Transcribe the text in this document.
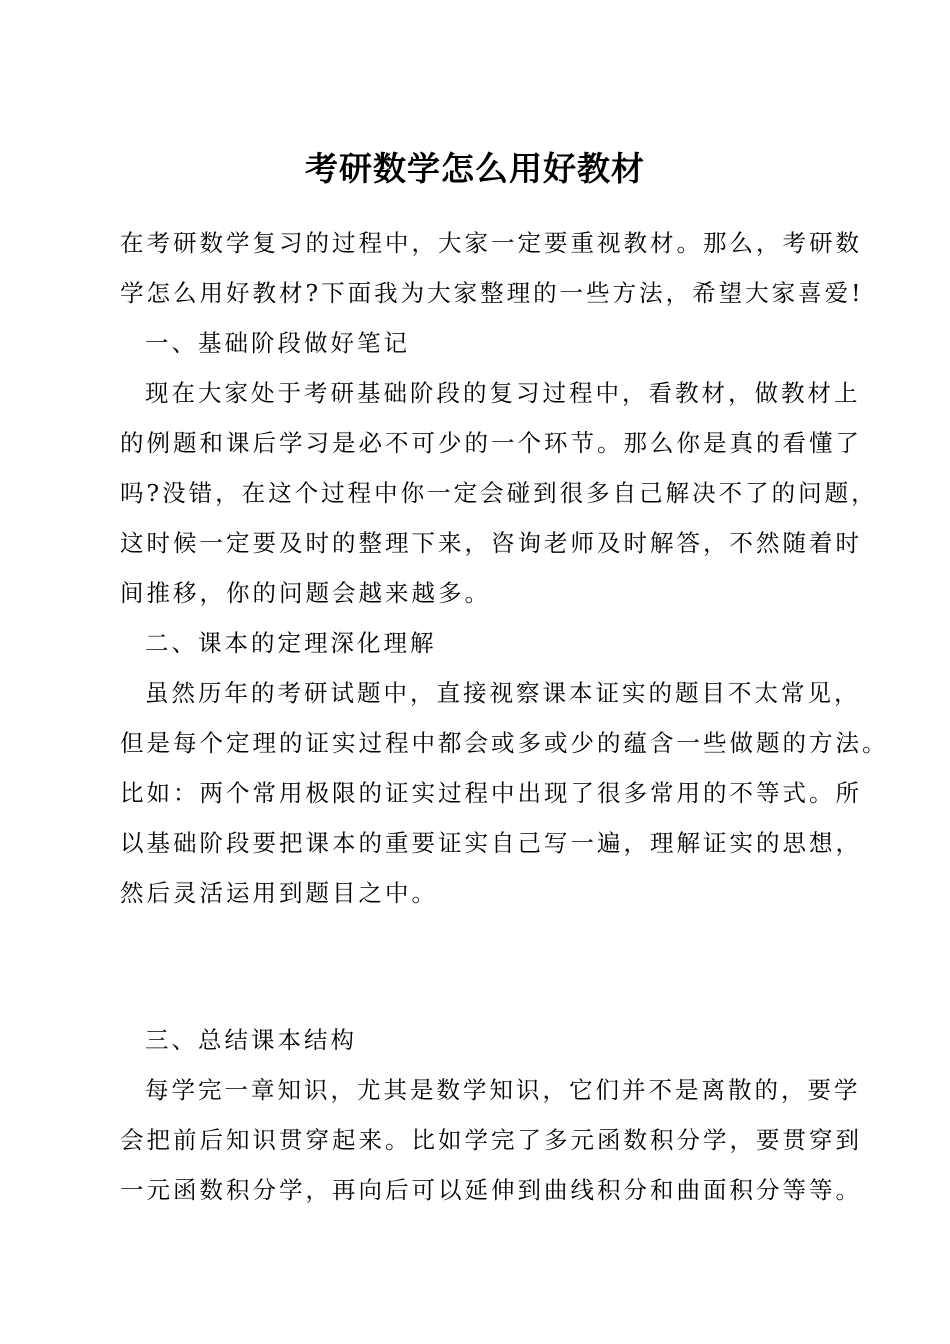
考研数学怎么用好教材
在考研数学复习的过程中，大家一定要重视教材。那么，考研数
学怎么用好教材?下面我为大家整理的一些方法，希望大家喜爱!
一、基础阶段做好笔记
现在大家处于考研基础阶段的复习过程中，看教材，做教材上
的例题和课后学习是必不可少的一个环节。那么你是真的看懂了
吗?没错，在这个过程中你一定会碰到很多自己解决不了的问题，
这时候一定要及时的整理下来，咨询老师及时解答，不然随着时
间推移，你的问题会越来越多。
二、课本的定理深化理解
虽然历年的考研试题中，直接视察课本证实的题目不太常见，
但是每个定理的证实过程中都会或多或少的蕴含一些做题的方法。
比如：两个常用极限的证实过程中出现了很多常用的不等式。所
以基础阶段要把课本的重要证实自己写一遍，理解证实的思想，
然后灵活运用到题目之中。
三、总结课本结构
每学完一章知识，尤其是数学知识，它们并不是离散的，要学
会把前后知识贯穿起来。比如学完了多元函数积分学，要贯穿到
一元函数积分学，再向后可以延伸到曲线积分和曲面积分等等。
